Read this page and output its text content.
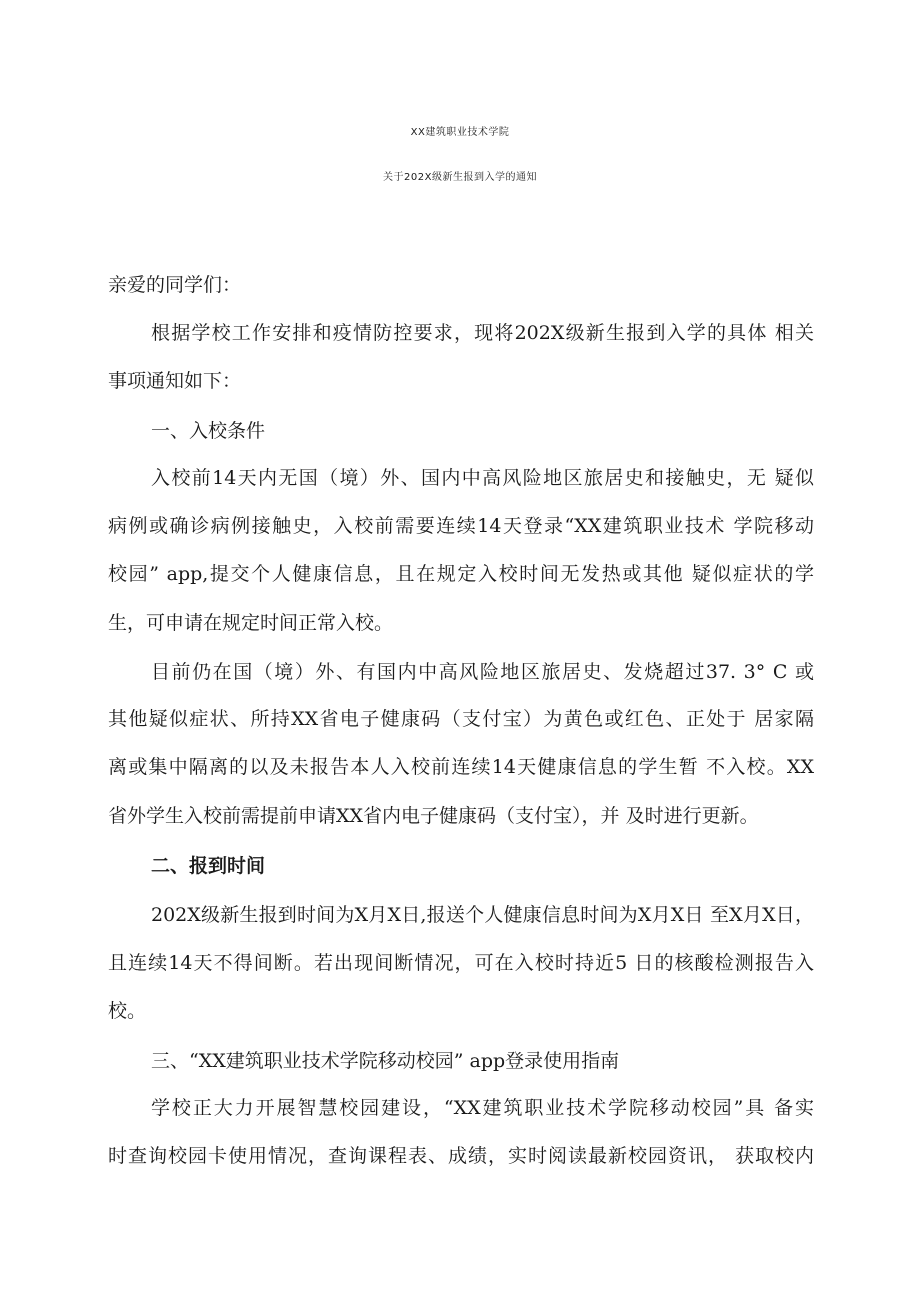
XX建筑职业技术学院
关于202X级新生报到入学的通知
亲爱的同学们：
根据学校工作安排和疫情防控要求，现将202X级新生报到入学的具体 相关
事项通知如下：
一、入校条件
入校前14天内无国（境）外、国内中高风险地区旅居史和接触史，无 疑似
病例或确诊病例接触史，入校前需要连续14天登录“XX建筑职业技术 学院移动
校园” app,提交个人健康信息，且在规定入校时间无发热或其他 疑似症状的学
生，可申请在规定时间正常入校。
目前仍在国（境）外、有国内中高风险地区旅居史、发烧超过37. 3° C 或
其他疑似症状、所持XX省电子健康码（支付宝）为黄色或红色、正处于 居家隔
离或集中隔离的以及未报告本人入校前连续14天健康信息的学生暂 不入校。XX
省外学生入校前需提前申请XX省内电子健康码（支付宝），并 及时进行更新。
二、报到时间
202X级新生报到时间为X月X日,报送个人健康信息时间为X月X日 至X月X日，
且连续14天不得间断。若出现间断情况，可在入校时持近5 日的核酸检测报告入
校。
三、“XX建筑职业技术学院移动校园” app登录使用指南
学校正大力开展智慧校园建设，“XX建筑职业技术学院移动校园”具 备实
时查询校园卡使用情况，查询课程表、成绩，实时阅读最新校园资讯， 获取校内
